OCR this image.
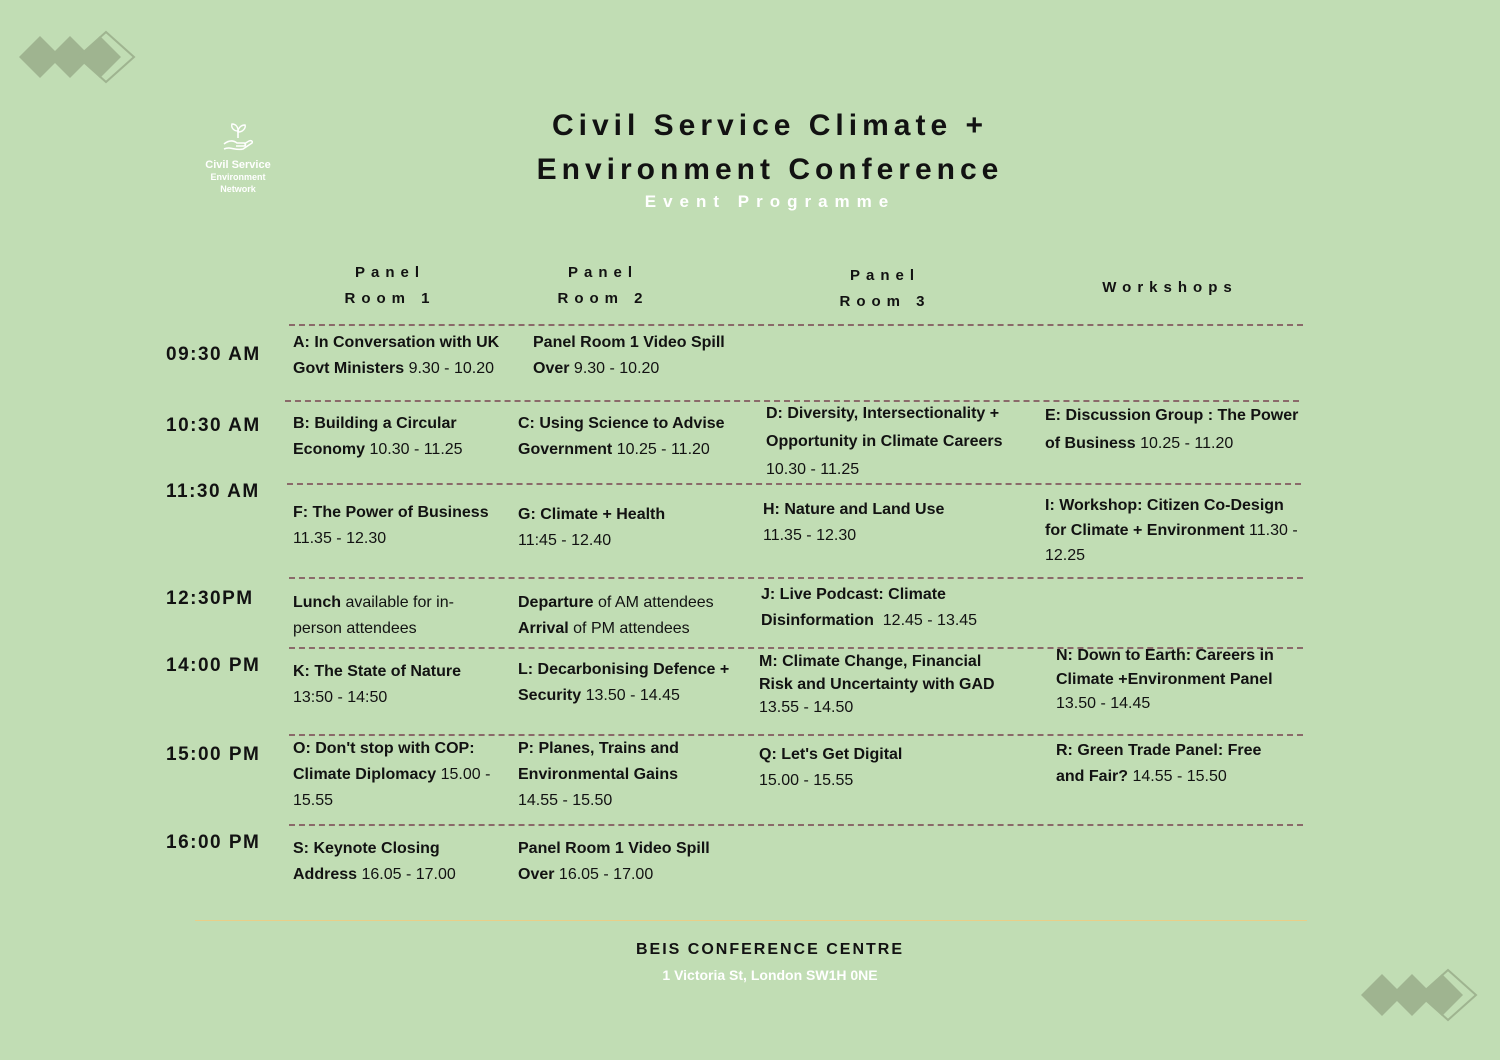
Civil Service
Environment
Network
Civil Service Climate +
Environment Conference
Event Programme
Panel
Room 1
Panel
Room 2
Panel
Room 3
Workshops
09:30 AM
10:30 AM
11:30 AM
12:30PM
14:00 PM
15:00 PM
16:00 PM
A: In Conversation with UK Govt Ministers 9.30 - 10.20
Panel Room 1 Video Spill Over 9.30 - 10.20
B: Building a Circular Economy 10.30 - 11.25
C: Using Science to Advise Government 10.25 - 11.20
D: Diversity, Intersectionality + Opportunity in Climate Careers 10.30 - 11.25
E: Discussion Group : The Power of Business 10.25 - 11.20
F: The Power of Business 11.35 - 12.30
G: Climate + Health 11:45 - 12.40
H: Nature and Land Use 11.35 - 12.30
I: Workshop: Citizen Co-Design for Climate + Environment 11.30 - 12.25
Lunch available for in-person attendees
Departure of AM attendees
Arrival of PM attendees
J: Live Podcast: Climate Disinformation  12.45 - 13.45
K: The State of Nature 13:50 - 14:50
L: Decarbonising Defence + Security 13.50 - 14.45
M: Climate Change, Financial Risk and Uncertainty with GAD 13.55 - 14.50
N: Down to Earth: Careers in Climate +Environment Panel 13.50 - 14.45
O: Don't stop with COP: Climate Diplomacy 15.00 - 15.55
P: Planes, Trains and Environmental Gains 14.55 - 15.50
Q: Let's Get Digital 15.00 - 15.55
R: Green Trade Panel: Free and Fair? 14.55 - 15.50
S: Keynote Closing Address 16.05 - 17.00
Panel Room 1 Video Spill Over 16.05 - 17.00
BEIS CONFERENCE CENTRE
1 Victoria St, London SW1H 0NE
